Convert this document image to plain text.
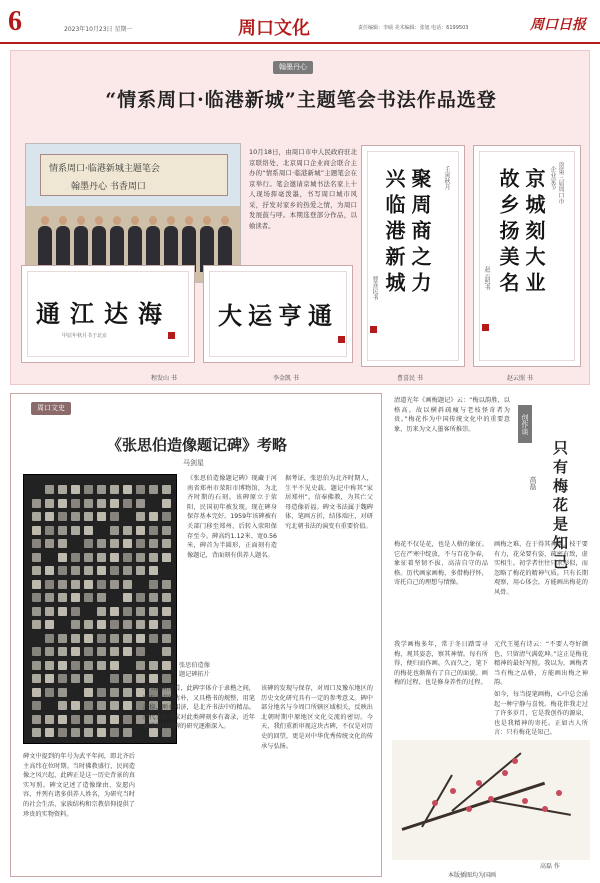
6	2023年10月23日 星期一	周口文化	责任编辑：李硕 美术编辑：张旭 电话：6199503	周口日报
翰墨丹心
“情系周口·临港新城”主题笔会书法作品选登
情系周口·临港新城主题笔会
翰墨丹心 书香周口
10月18日，由周口市中人民政府驻北京联络处、北京周口企业商会联合主办的“情系周口·临港新城”主题笔会在京举行。笔会邀请京城书法名家上十人现场挥毫泼墨，书写周口城市风采，抒发对家乡的热爱之情，为周口发展鼓与呼。本期选登部分作品，以飨读者。	京城刻大业
故乡扬美名	贺第三届周口市
企业家节
赵云照书
赵云照 书
聚周商之力
兴临港新城	壬寅秋月
曹喜民书
曹喜民 书
大运亨通
李金凯 书
通江达海
甲辰年秋月书于北京
程发山 书
周口文史
《张思伯造像题记碑》考略
马剑星
张思伯造像
题记碑拓片
《张思伯造像题记碑》现藏于河南省郑州市荥阳市博物馆，为北齐时期的石刻。该碑原立于荥阳，民国初年被发现，现在碑身保存基本完好。1959年该碑被有关部门移至郑州，后转入荥阳保存至今。碑高约1.12米、宽0.56米，碑首为半圆形，正面刻有造像题记，背面刻有供养人题名。
据考证，张思伯为北齐时期人，生平不见史载。题记中称其“家居郑州”，信奉佛教，为其亡父母造像祈福。碑文书法属于魏碑体，笔画方折，结体端庄，对研究北朝书法的演变有重要价值。
碑文中提到的年号为武平年间，即北齐后主高纬在位时期。当时佛教盛行，民间造像之风兴起，此碑正是这一历史背景的真实写照。碑文记述了造像缘由、发愿内容，并列有诸多供养人姓名，为研究当时的社会生活、家族结构和宗教信仰提供了珍贵的实物资料。
从书法角度看，此碑字体介于隶楷之间，既有隶书的古朴，又具楷书的规整，用笔沉稳，刚柔相济，是北齐书法中的精品。清代金石学家对此类碑刻多有著录，近年来学界对该碑的研究逐渐深入。
该碑的发现与保存，对周口及豫东地区的历史文化研究具有一定的参考意义。碑中部分地名与今周口所辖区域相关，反映出北朝时期中原地区文化交流的密切。今天，我们重新审视这块古碑，不仅是对历史的回望，更是对中华优秀传统文化的传承与弘扬。
创作谈
只有梅花是知己
高磊
清道光年《画梅题记》云：“梅以韵胜，以格高。故以横斜疏瘦与老枝怪奇者为贵。”梅花作为中国传统文化中的重要意象，历来为文人墨客所推崇。
梅花不仅是花，也是人格的象征。它在严寒中绽放，不与百花争春，象征着坚韧不拔、高洁自守的品格。历代画家画梅，多借梅抒怀，寄托自己的理想与情操。
画梅之难，在于得其神韵。枝干要有力，花朵要有姿，疏密有致，虚实相生。初学者往往只求形似，而忽略了梅花的精神气质。只有长期观察，用心体会，方能画出梅花的风骨。
我学画梅多年，常于冬日踏雪寻梅，观其姿态，察其神情。每有所得，便归而作画。久而久之，笔下的梅花也渐渐有了自己的面貌。画梅的过程，也是修身养性的过程。
元代王冕有诗云：“不要人夸好颜色，只留清气满乾坤。”这正是梅花精神的最好写照。我以为，画梅者当有梅之品格，方能画出梅之神韵。
如今，每当提笔画梅，心中总会涌起一种宁静与喜悦。梅花伴我走过了许多岁月，它是我创作的源泉，也是我精神的寄托。正如古人所言：只有梅花是知己。
高磊 作
本版插图均为国画
